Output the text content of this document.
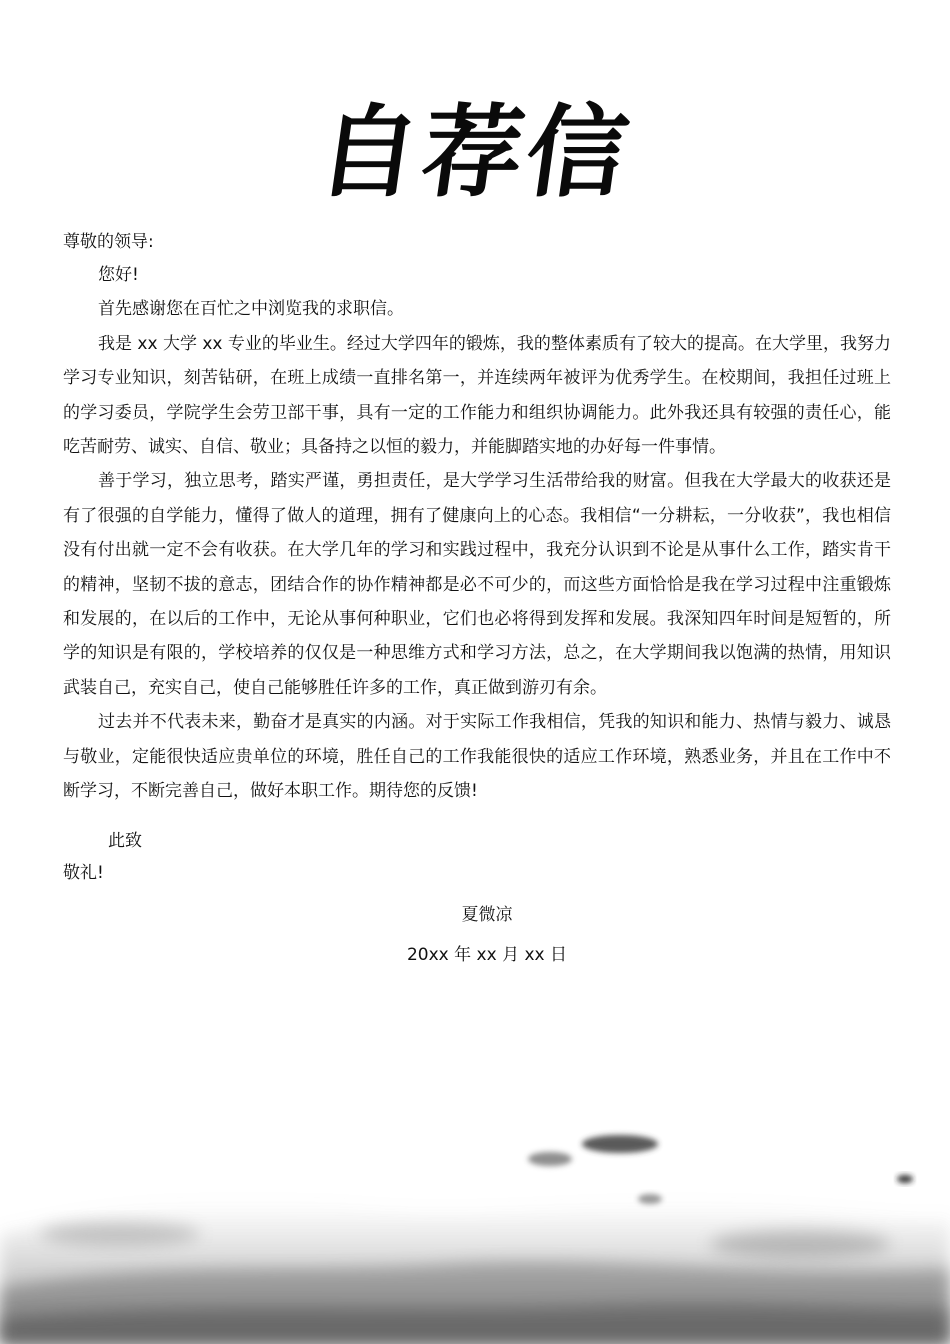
自荐信

尊敬的领导:

您好!

首先感谢您在百忙之中浏览我的求职信。

我是 xx 大学 xx 专业的毕业生。经过大学四年的锻炼，我的整体素质有了较大的提高。在大学里，我努力学习专业知识，刻苦钻研，在班上成绩一直排名第一，并连续两年被评为优秀学生。在校期间，我担任过班上的学习委员，学院学生会劳卫部干事，具有一定的工作能力和组织协调能力。此外我还具有较强的责任心，能吃苦耐劳、诚实、自信、敬业；具备持之以恒的毅力，并能脚踏实地的办好每一件事情。

善于学习，独立思考，踏实严谨，勇担责任，是大学学习生活带给我的财富。但我在大学最大的收获还是有了很强的自学能力，懂得了做人的道理，拥有了健康向上的心态。我相信“一分耕耘，一分收获”，我也相信没有付出就一定不会有收获。在大学几年的学习和实践过程中，我充分认识到不论是从事什么工作，踏实肯干的精神，坚韧不拔的意志，团结合作的协作精神都是必不可少的，而这些方面恰恰是我在学习过程中注重锻炼和发展的，在以后的工作中，无论从事何种职业，它们也必将得到发挥和发展。我深知四年时间是短暂的，所学的知识是有限的，学校培养的仅仅是一种思维方式和学习方法，总之，在大学期间我以饱满的热情，用知识武装自己，充实自己，使自己能够胜任许多的工作，真正做到游刃有余。

过去并不代表未来，勤奋才是真实的内涵。对于实际工作我相信，凭我的知识和能力、热情与毅力、诚恳与敬业，定能很快适应贵单位的环境，胜任自己的工作我能很快的适应工作环境，熟悉业务，并且在工作中不断学习，不断完善自己，做好本职工作。期待您的反馈!

此致

敬礼!

夏微凉

20xx 年 xx 月 xx 日
